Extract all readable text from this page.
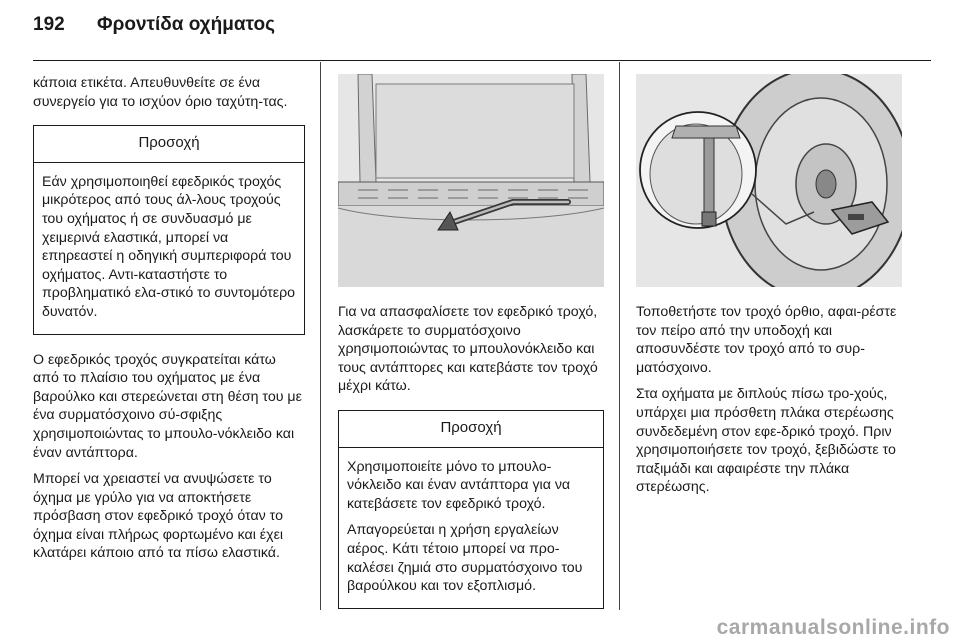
192 Φροντίδα οχήματος

κάποια ετικέτα. Απευθυνθείτε σε ένα συνεργείο για το ισχύον όριο ταχύτη-τας.

Προσοχή

Εάν χρησιμοποιηθεί εφεδρικός τροχός μικρότερος από τους άλ-λους τροχούς του οχήματος ή σε συνδυασμό με χειμερινά ελαστικά, μπορεί να επηρεαστεί η οδηγική συμπεριφορά του οχήματος. Αντι-καταστήστε το προβληματικό ελα-στικό το συντομότερο δυνατόν.

Ο εφεδρικός τροχός συγκρατείται κάτω από το πλαίσιο του οχήματος με ένα βαρούλκο και στερεώνεται στη θέση του με ένα συρματόσχοινο σύ-σφιξης χρησιμοποιώντας το μπουλο-νόκλειδο και έναν αντάπτορα.

Μπορεί να χρειαστεί να ανυψώσετε το όχημα με γρύλο για να αποκτήσετε πρόσβαση στον εφεδρικό τροχό όταν το όχημα είναι πλήρως φορτωμένο και έχει κλατάρει κάποιο από τα πίσω ελαστικά.

Για να απασφαλίσετε τον εφεδρικό τροχό, λασκάρετε το συρματόσχοινο χρησιμοποιώντας το μπουλονόκλειδο και τους αντάπτορες και κατεβάστε τον τροχό μέχρι κάτω.

Προσοχή

Χρησιμοποιείτε μόνο το μπουλο-νόκλειδο και έναν αντάπτορα για να κατεβάσετε τον εφεδρικό τροχό.

Απαγορεύεται η χρήση εργαλείων αέρος. Κάτι τέτοιο μπορεί να προ-καλέσει ζημιά στο συρματόσχοινο του βαρούλκου και τον εξοπλισμό.

Τοποθετήστε τον τροχό όρθιο, αφαι-ρέστε τον πείρο από την υποδοχή και αποσυνδέστε τον τροχό από το συρ-ματόσχοινο.

Στα οχήματα με διπλούς πίσω τρο-χούς, υπάρχει μια πρόσθετη πλάκα στερέωσης συνδεδεμένη στον εφε-δρικό τροχό. Πριν χρησιμοποιήσετε τον τροχό, ξεβιδώστε το παξιμάδι και αφαιρέστε την πλάκα στερέωσης.

carmanualsonline.info
